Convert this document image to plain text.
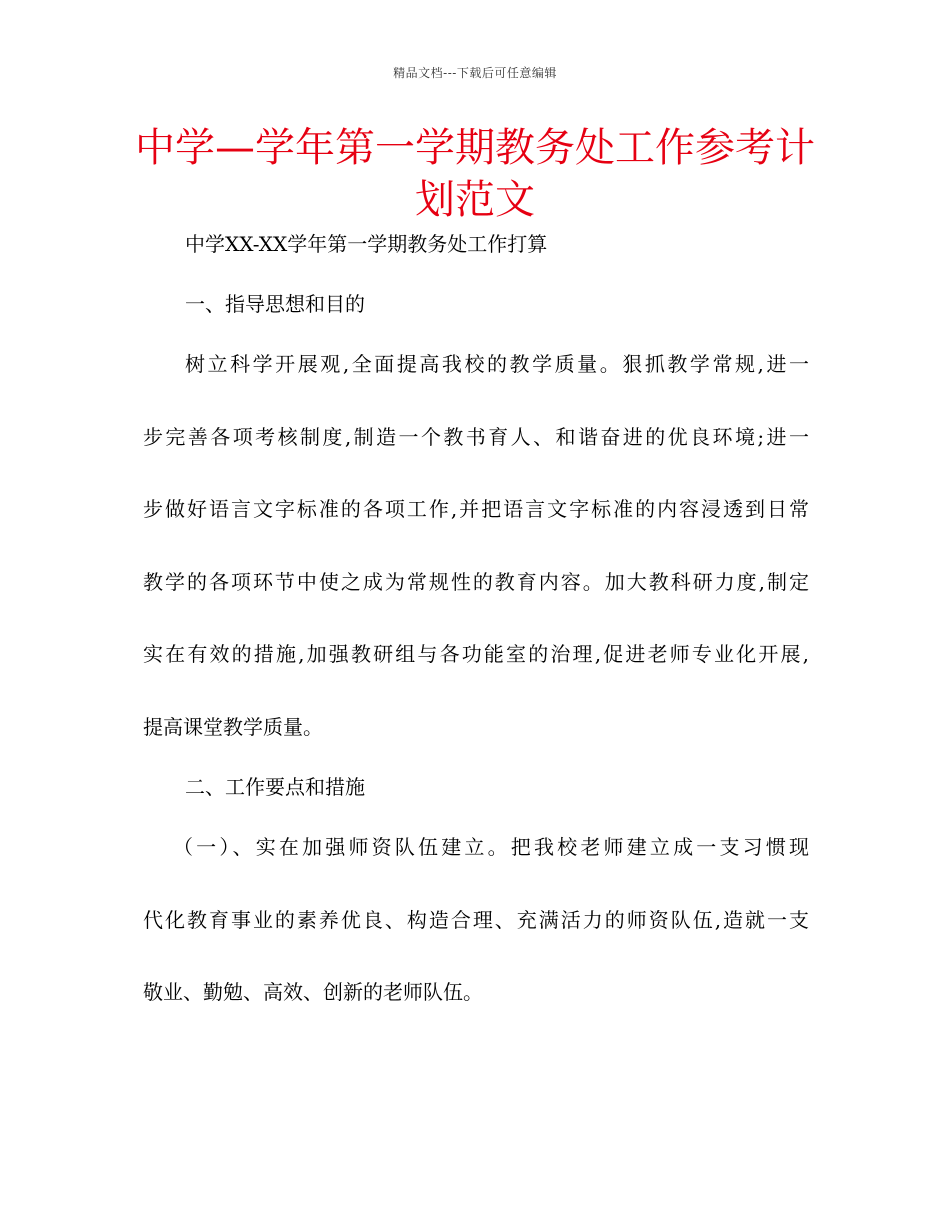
精品文档---下载后可任意编辑
中学—学年第一学期教务处工作参考计划范文

中学XX-XX学年第一学期教务处工作打算

一、指导思想和目的

树立科学开展观,全面提高我校的教学质量。狠抓教学常规,进一

步完善各项考核制度,制造一个教书育人、和谐奋进的优良环境;进一

步做好语言文字标准的各项工作,并把语言文字标准的内容浸透到日常

教学的各项环节中使之成为常规性的教育内容。加大教科研力度,制定

实在有效的措施,加强教研组与各功能室的治理,促进老师专业化开展,

提高课堂教学质量。

二、工作要点和措施

（一）、实在加强师资队伍建立。把我校老师建立成一支习惯现

代化教育事业的素养优良、构造合理、充满活力的师资队伍,造就一支

敬业、勤勉、高效、创新的老师队伍。
